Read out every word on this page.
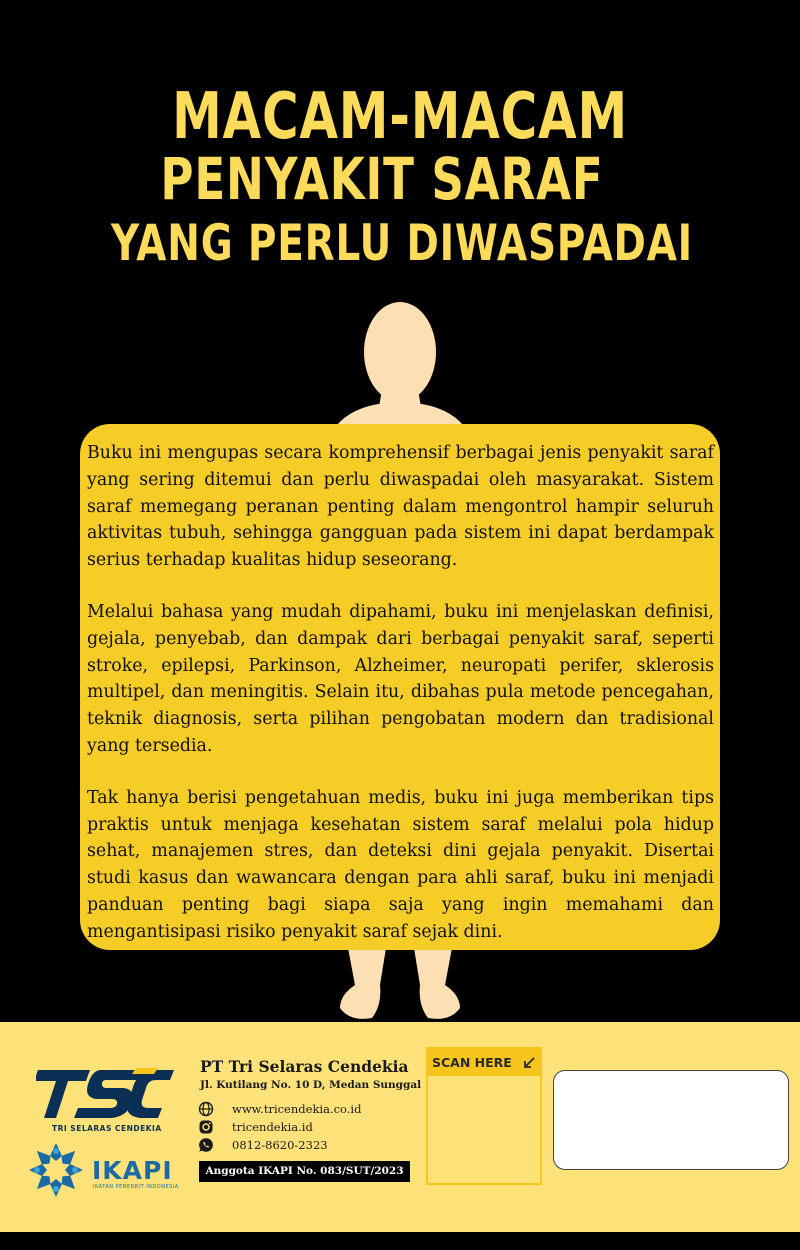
MACAM-MACAM
PENYAKIT SARAF
YANG PERLU DIWASPADAI

Buku ini mengupas secara komprehensif berbagai jenis penyakit saraf yang sering ditemui dan perlu diwaspadai oleh masyarakat. Sistem saraf memegang peranan penting dalam mengontrol hampir seluruh aktivitas tubuh, sehingga gangguan pada sistem ini dapat berdampak serius terhadap kualitas hidup seseorang.

Melalui bahasa yang mudah dipahami, buku ini menjelaskan definisi, gejala, penyebab, dan dampak dari berbagai penyakit saraf, seperti stroke, epilepsi, Parkinson, Alzheimer, neuropati perifer, sklerosis multipel, dan meningitis. Selain itu, dibahas pula metode pencegahan, teknik diagnosis, serta pilihan pengobatan modern dan tradisional yang tersedia.

Tak hanya berisi pengetahuan medis, buku ini juga memberikan tips praktis untuk menjaga kesehatan sistem saraf melalui pola hidup sehat, manajemen stres, dan deteksi dini gejala penyakit. Disertai studi kasus dan wawancara dengan para ahli saraf, buku ini menjadi panduan penting bagi siapa saja yang ingin memahami dan mengantisipasi risiko penyakit saraf sejak dini.

TRI SELARAS CENDEKIA
IKAPI
IKATAN PENERBIT INDONESIA
PT Tri Selaras Cendekia
Jl. Kutilang No. 10 D, Medan Sunggal
www.tricendekia.co.id
tricendekia.id
0812-8620-2323
Anggota IKAPI No. 083/SUT/2023
SCAN HERE
